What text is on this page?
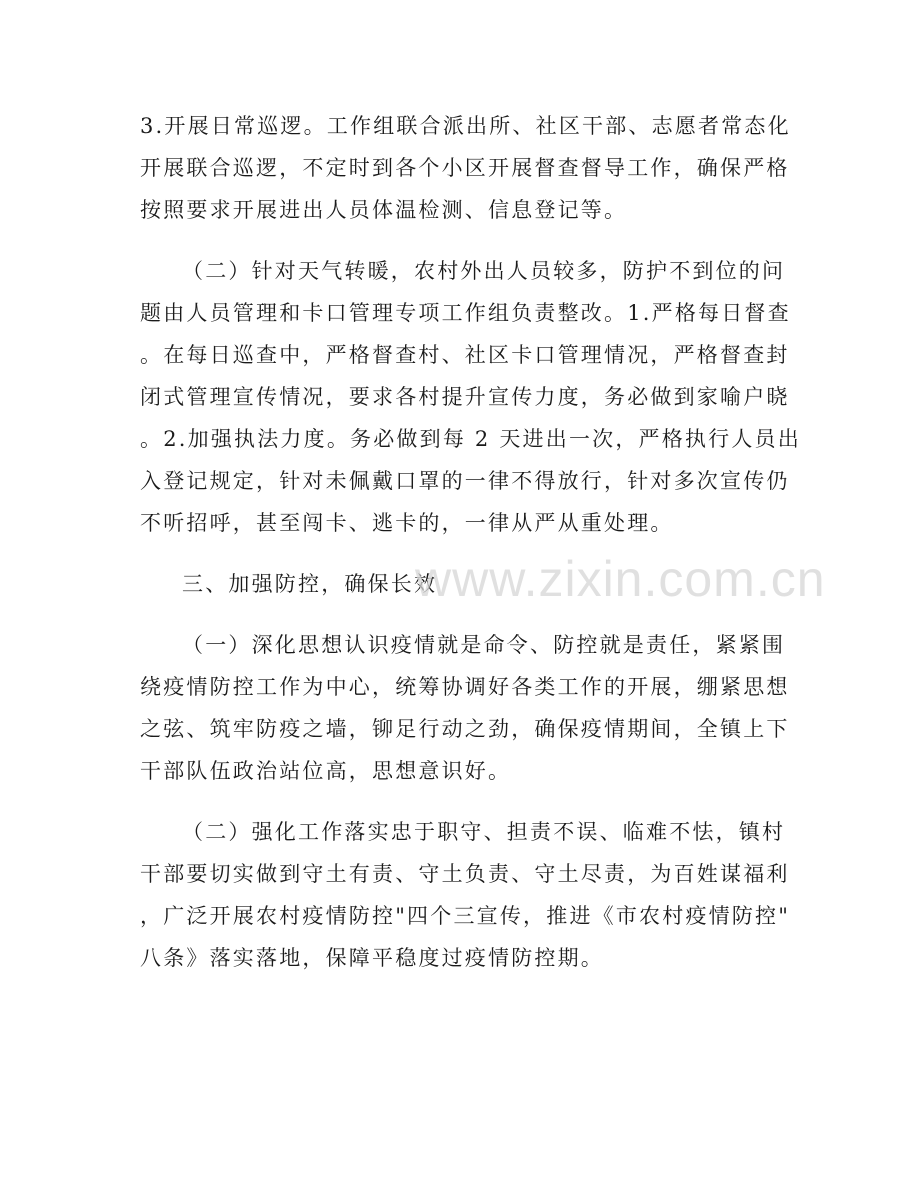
3.开展日常巡逻。工作组联合派出所、社区干部、志愿者常态化
开展联合巡逻，不定时到各个小区开展督查督导工作，确保严格
按照要求开展进出人员体温检测、信息登记等。
（二）针对天气转暖，农村外出人员较多，防护不到位的问
题由人员管理和卡口管理专项工作组负责整改。1.严格每日督查
。在每日巡查中，严格督查村、社区卡口管理情况，严格督查封
闭式管理宣传情况，要求各村提升宣传力度，务必做到家喻户晓
。2.加强执法力度。务必做到每 2 天进出一次，严格执行人员出
入登记规定，针对未佩戴口罩的一律不得放行，针对多次宣传仍
不听招呼，甚至闯卡、逃卡的，一律从严从重处理。
三、加强防控，确保长效
（一）深化思想认识疫情就是命令、防控就是责任，紧紧围
绕疫情防控工作为中心，统筹协调好各类工作的开展，绷紧思想
之弦、筑牢防疫之墙，铆足行动之劲，确保疫情期间，全镇上下
干部队伍政治站位高，思想意识好。
（二）强化工作落实忠于职守、担责不误、临难不怯，镇村
干部要切实做到守土有责、守土负责、守土尽责，为百姓谋福利
，广泛开展农村疫情防控"四个三宣传，推进《市农村疫情防控"
八条》落实落地，保障平稳度过疫情防控期。
www.zixin.com.cn
